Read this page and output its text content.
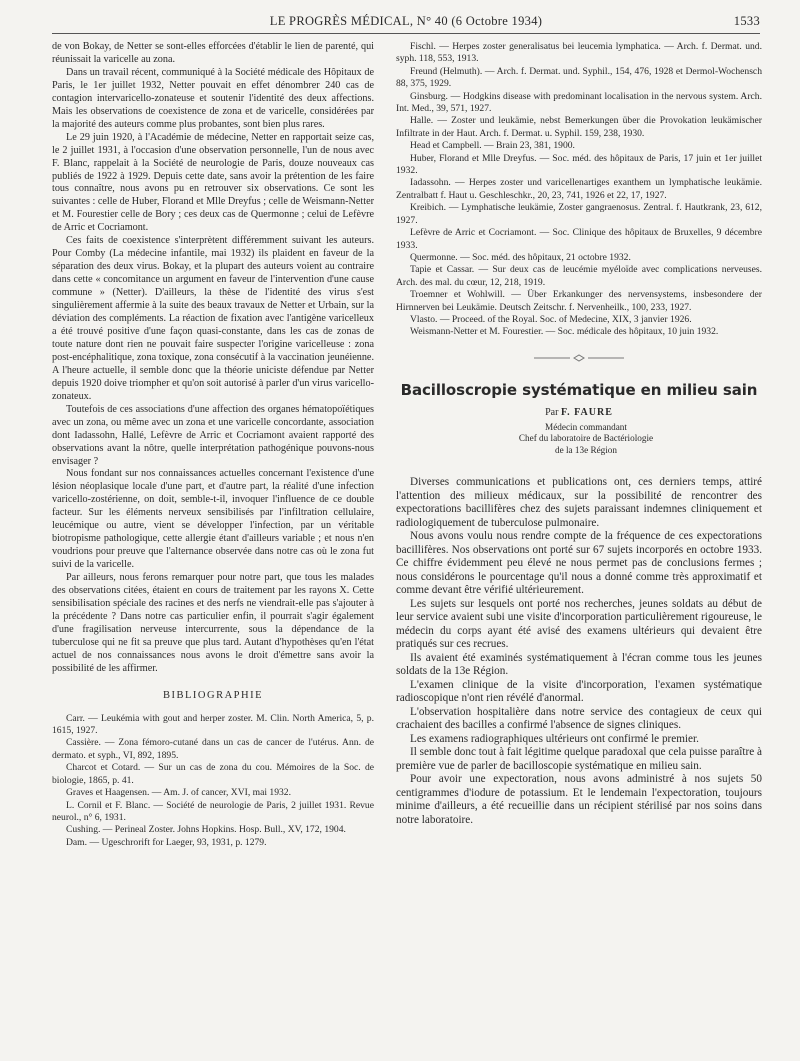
LE PROGRÈS MÉDICAL, N° 40 (6 Octobre 1934)	1533

de von Bokay, de Netter se sont-elles efforcées d'établir le lien de parenté, qui réunissait la varicelle au zona.

Dans un travail récent, communiqué à la Société médicale des Hôpitaux de Paris, le 1er juillet 1932, Netter pouvait en effet dénombrer 240 cas de contagion intervaricello-zonateuse et soutenir l'identité des deux affections. Mais les observations de coexistence de zona et de varicelle, considérées par la majorité des auteurs comme plus probantes, sont bien plus rares.

Le 29 juin 1920, à l'Académie de médecine, Netter en rapportait seize cas, le 2 juillet 1931, à l'occasion d'une observation personnelle, l'un de nous avec F. Blanc, rappelait à la Société de neurologie de Paris, douze nouveaux cas publiés de 1922 à 1929. Depuis cette date, sans avoir la prétention de les faire tous connaître, nous avons pu en retrouver six observations. Ce sont les suivantes : celle de Huber, Florand et Mlle Dreyfus ; celle de Weismann-Netter et M. Fourestier celle de Bory ; ces deux cas de Quermonne ; celui de Lefèvre de Arric et Cocriamont.

Ces faits de coexistence s'interprètent différemment suivant les auteurs. Pour Comby (La médecine infantile, mai 1932) ils plaident en faveur de la séparation des deux virus. Bokay, et la plupart des auteurs voient au contraire dans cette « concomitance un argument en faveur de l'intervention d'une cause commune » (Netter). D'ailleurs, la thèse de l'identité des virus s'est singulièrement affermie à la suite des beaux travaux de Netter et Urbain, sur la déviation des compléments. La réaction de fixation avec l'antigène varicelleux a été trouvé positive d'une façon quasi-constante, dans les cas de zonas de toute nature dont rien ne pouvait faire suspecter l'origine varicelleuse : zona post-encéphalitique, zona toxique, zona consécutif à la vaccination jeunéienne. A l'heure actuelle, il semble donc que la théorie uniciste défendue par Netter depuis 1920 doive triompher et qu'on soit autorisé à parler d'un virus varicello-zonateux.

Toutefois de ces associations d'une affection des organes hématopoïétiques avec un zona, ou même avec un zona et une varicelle concordante, association dont Iadassohn, Hallé, Lefèvre de Arric et Cocriamont avaient rapporté des observations avant la nôtre, quelle interprétation pathogénique pouvons-nous envisager ?

Nous fondant sur nos connaissances actuelles concernant l'existence d'une lésion néoplasique locale d'une part, et d'autre part, la réalité d'une infection varicello-zostérienne, on doit, semble-t-il, invoquer l'influence de ce double facteur. Sur les éléments nerveux sensibilisés par l'infiltration cellulaire, leucémique ou autre, vient se développer l'infection, par un véritable biotropisme pathologique, cette allergie étant d'ailleurs variable ; et nous n'en voudrions pour preuve que l'alternance observée dans notre cas où le zona fut suivi de la varicelle.

Par ailleurs, nous ferons remarquer pour notre part, que tous les malades des observations citées, étaient en cours de traitement par les rayons X. Cette sensibilisation spéciale des racines et des nerfs ne viendrait-elle pas s'ajouter à la précédente ? Dans notre cas particulier enfin, il pourrait s'agir également d'une fragilisation nerveuse intercurrente, sous la dépendance de la tuberculose qui ne fit sa preuve que plus tard. Autant d'hypothèses qu'en l'état actuel de nos connaissances nous avons le droit d'émettre sans avoir la possibilité de les affirmer.

BIBLIOGRAPHIE

Carr. — Leukémia with gout and herper zoster. M. Clin. North America, 5, p. 1615, 1927.

Cassière. — Zona fémoro-cutané dans un cas de cancer de l'utérus. Ann. de dermato. et syph., VI, 892, 1895.

Charcot et Cotard. — Sur un cas de zona du cou. Mémoires de la Soc. de biologie, 1865, p. 41.

Graves et Haagensen. — Am. J. of cancer, XVI, mai 1932.

L. Cornil et F. Blanc. — Société de neurologie de Paris, 2 juillet 1931. Revue neurol., n° 6, 1931.

Cushing. — Perineal Zoster. Johns Hopkins. Hosp. Bull., XV, 172, 1904.

Dam. — Ugeschrorift for Laeger, 93, 1931, p. 1279.

Fischl. — Herpes zoster generalisatus bei leucemia lymphatica. — Arch. f. Dermat. und. syph. 118, 553, 1913.

Freund (Helmuth). — Arch. f. Dermat. und. Syphil., 154, 476, 1928 et Dermol-Wochensch 88, 375, 1929.

Ginsburg. — Hodgkins disease with predominant localisation in the nervous system. Arch. Int. Med., 39, 571, 1927.

Halle. — Zoster und leukämie, nebst Bemerkungen über die Provokation leukämischer Infiltrate in der Haut. Arch. f. Dermat. u. Syphil. 159, 238, 1930.

Head et Campbell. — Brain 23, 381, 1900.

Huber, Florand et Mlle Dreyfus. — Soc. méd. des hôpitaux de Paris, 17 juin et 1er juillet 1932.

Iadassohn. — Herpes zoster und varicellenartiges exanthem un lymphatische leukämie. Zentralbatt f. Haut u. Geschleschkr., 20, 23, 741, 1926 et 22, 17, 1927.

Kreibich. — Lymphatische leukämie, Zoster gangraenosus. Zentral. f. Hautkrank, 23, 612, 1927.

Lefèvre de Arric et Cocriamont. — Soc. Clinique des hôpitaux de Bruxelles, 9 décembre 1933.

Quermonne. — Soc. méd. des hôpitaux, 21 octobre 1932.

Tapie et Cassar. — Sur deux cas de leucémie myéloïde avec complications nerveuses. Arch. des mal. du cœur, 12, 218, 1919.

Troemner et Wohlwill. — Über Erkankunger des nervensystems, insbesondere der Hirnnerven bei Leukämie. Deutsch Zeitschr. f. Nervenheilk., 100, 233, 1927.

Vlasto. — Proceed. of the Royal. Soc. of Medecine, XIX, 3 janvier 1926.

Weismann-Netter et M. Fourestier. — Soc. médicale des hôpitaux, 10 juin 1932.

Bacilloscropie systématique en milieu sain
Par F. FAURE

Médecin commandant

Chef du laboratoire de Bactériologie

de la 13e Région

Diverses communications et publications ont, ces derniers temps, attiré l'attention des milieux médicaux, sur la possibilité de rencontrer des expectorations bacillifères chez des sujets paraissant indemnes cliniquement et radiologiquement de tuberculose pulmonaire.

Nous avons voulu nous rendre compte de la fréquence de ces expectorations bacillifères. Nos observations ont porté sur 67 sujets incorporés en octobre 1933. Ce chiffre évidemment peu élevé ne nous permet pas de conclusions fermes ; nous considérons le pourcentage qu'il nous a donné comme très approximatif et comme devant être vérifié ultérieurement.

Les sujets sur lesquels ont porté nos recherches, jeunes soldats au début de leur service avaient subi une visite d'incorporation particulièrement rigoureuse, le médecin du corps ayant été avisé des examens ultérieurs qui devaient être pratiqués sur ces recrues.

Ils avaient été examinés systématiquement à l'écran comme tous les jeunes soldats de la 13e Région.

L'examen clinique de la visite d'incorporation, l'examen systématique radioscopique n'ont rien révélé d'anormal.

L'observation hospitalière dans notre service des contagieux de ceux qui crachaient des bacilles a confirmé l'absence de signes cliniques.

Les examens radiographiques ultérieurs ont confirmé le premier.

Il semble donc tout à fait légitime quelque paradoxal que cela puisse paraître à première vue de parler de bacilloscopie systématique en milieu sain.

Pour avoir une expectoration, nous avons administré à nos sujets 50 centigrammes d'iodure de potassium. Et le lendemain l'expectoration, toujours minime d'ailleurs, a été recueillie dans un récipient stérilisé par nos soins dans notre laboratoire.
